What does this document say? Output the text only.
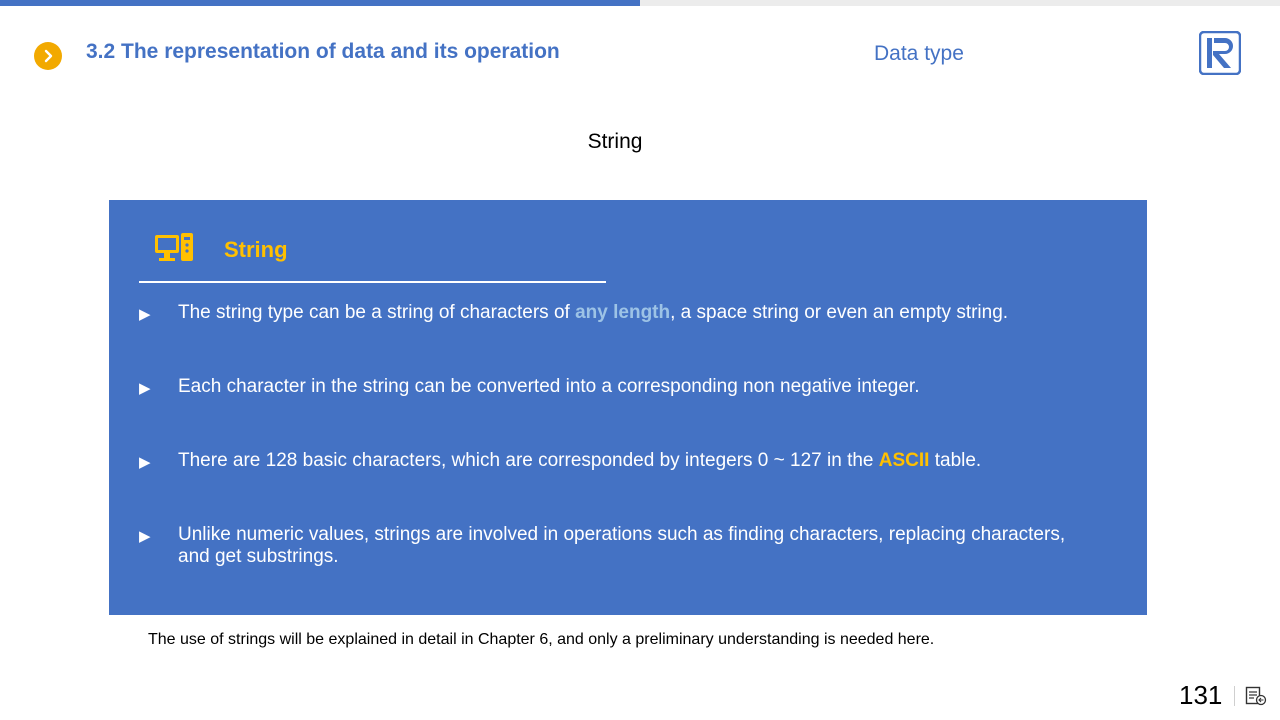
3.2 The representation of data and its operation	Data type
String
String
▶	The string type can be a string of characters of any length, a space string or even an empty string.
▶	Each character in the string can be converted into a corresponding non negative integer.
▶	There are 128 basic characters, which are corresponded by integers 0 ~ 127 in the ASCII table.
▶	Unlike numeric values, strings are involved in operations such as finding characters, replacing characters, and get substrings.
The use of strings will be explained in detail in Chapter 6, and only a preliminary understanding is needed here.
131
